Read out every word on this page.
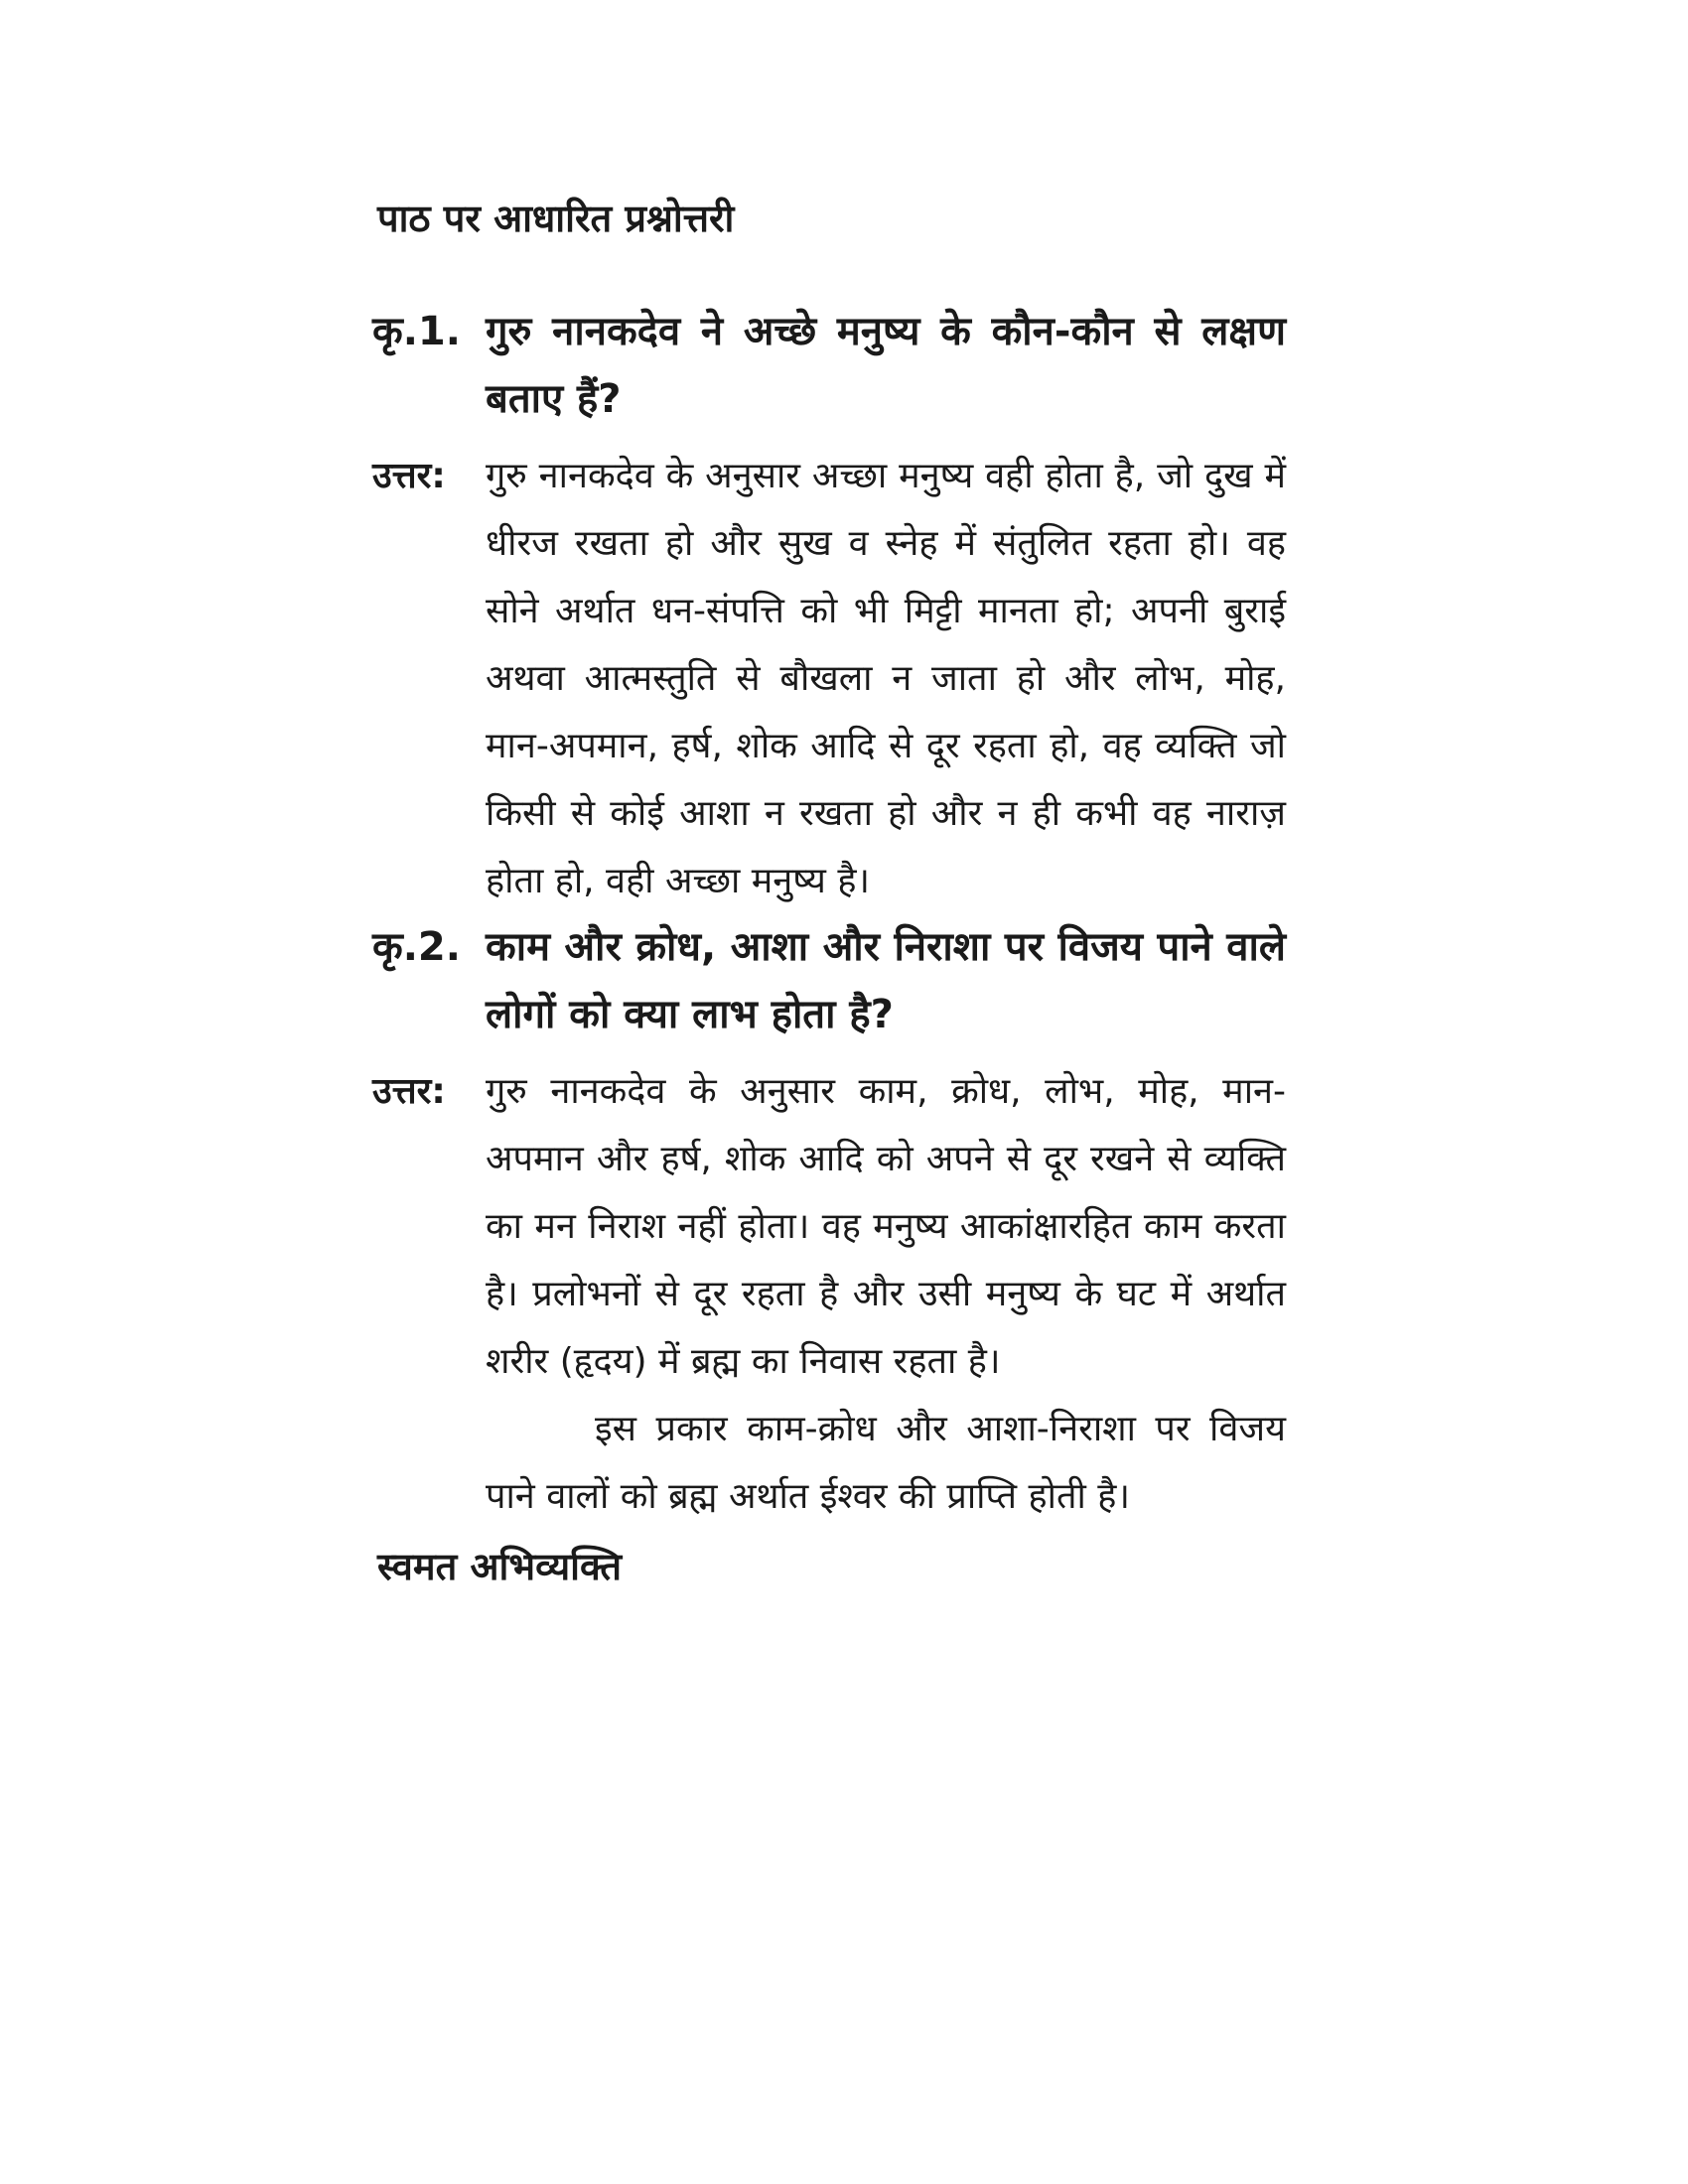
पाठ पर आधारित प्रश्नोत्तरी
कृ.1. गुरु नानकदेव ने अच्छे मनुष्य के कौन-कौन से लक्षण बताए हैं?
उत्तर:	गुरु नानकदेव के अनुसार अच्छा मनुष्य वही होता है, जो दुख में धीरज रखता हो और सुख व स्नेह में संतुलित रहता हो। वह सोने अर्थात धन-संपत्ति को भी मिट्टी मानता हो; अपनी बुराई अथवा आत्मस्तुति से बौखला न जाता हो और लोभ, मोह, मान-अपमान, हर्ष, शोक आदि से दूर रहता हो, वह व्यक्ति जो किसी से कोई आशा न रखता हो और न ही कभी वह नाराज़ होता हो, वही अच्छा मनुष्य है।

कृ.2. काम और क्रोध, आशा और निराशा पर विजय पाने वाले लोगों को क्या लाभ होता है?
उत्तर:	गुरु नानकदेव के अनुसार काम, क्रोध, लोभ, मोह, मान-अपमान और हर्ष, शोक आदि को अपने से दूर रखने से व्यक्ति का मन निराश नहीं होता। वह मनुष्य आकांक्षारहित काम करता है। प्रलोभनों से दूर रहता है और उसी मनुष्य के घट में अर्थात शरीर (हृदय) में ब्रह्म का निवास रहता है।

इस प्रकार काम-क्रोध और आशा-निराशा पर विजय पाने वालों को ब्रह्म अर्थात ईश्वर की प्राप्ति होती है।

स्वमत अभिव्यक्ति
